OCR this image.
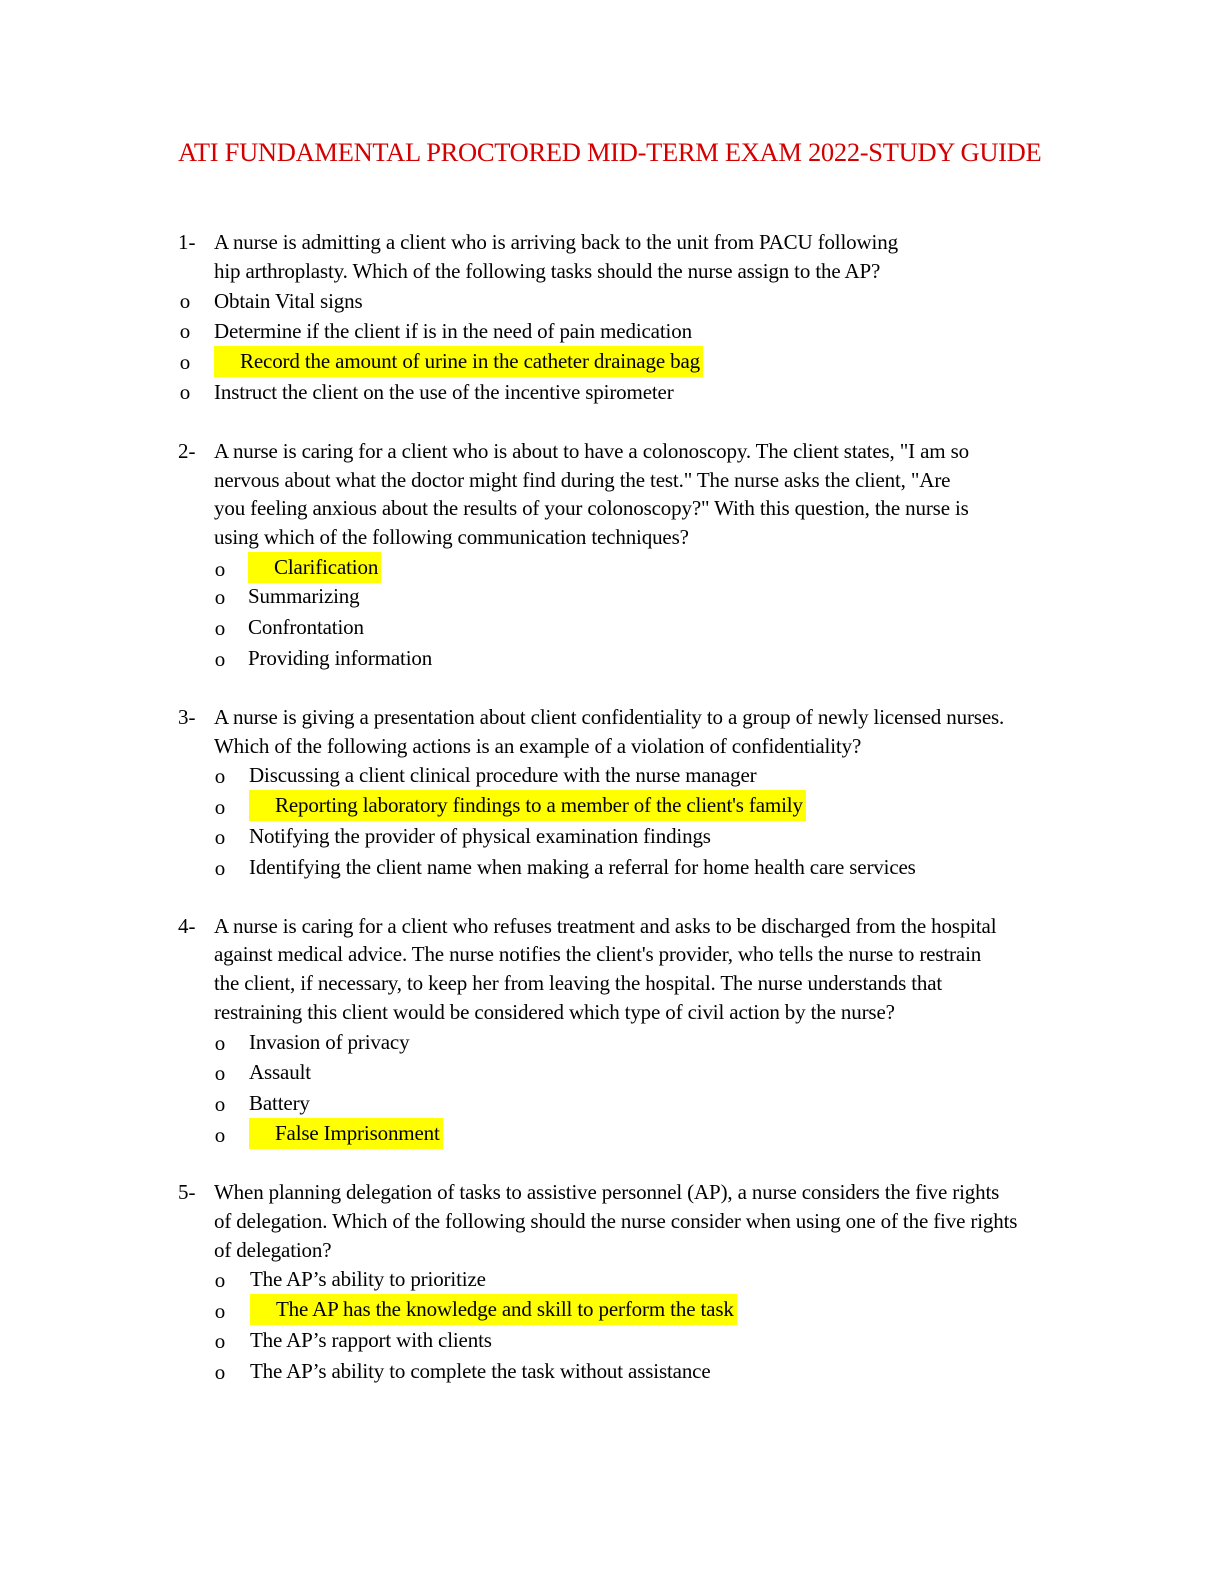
ATI FUNDAMENTAL PROCTORED MID-TERM EXAM 2022-STUDY GUIDE
1- A nurse is admitting a client who is arriving back to the unit from PACU following
hip arthroplasty. Which of the following tasks should the nurse assign to the AP?
o Obtain Vital signs
o Determine if the client if is in the need of pain medication
o	Record the amount of urine in the catheter drainage bag
o Instruct the client on the use of the incentive spirometer
2- A nurse is caring for a client who is about to have a colonoscopy. The client states, "I am so
nervous about what the doctor might find during the test." The nurse asks the client, "Are
you feeling anxious about the results of your colonoscopy?" With this question, the nurse is
using which of the following communication techniques?
o	Clarification
o Summarizing
o Confrontation
o Providing information
3- A nurse is giving a presentation about client confidentiality to a group of newly licensed nurses.
Which of the following actions is an example of a violation of confidentiality?
o Discussing a client clinical procedure with the nurse manager
o	Reporting laboratory findings to a member of the client's family
o Notifying the provider of physical examination findings
o Identifying the client name when making a referral for home health care services
4- A nurse is caring for a client who refuses treatment and asks to be discharged from the hospital
against medical advice. The nurse notifies the client's provider, who tells the nurse to restrain
the client, if necessary, to keep her from leaving the hospital. The nurse understands that
restraining this client would be considered which type of civil action by the nurse?
o Invasion of privacy
o Assault
o Battery
o	False Imprisonment
5- When planning delegation of tasks to assistive personnel (AP), a nurse considers the five rights
of delegation. Which of the following should the nurse consider when using one of the five rights
of delegation?
o The AP’s ability to prioritize
o	The AP has the knowledge and skill to perform the task
o The AP’s rapport with clients
o The AP’s ability to complete the task without assistance
